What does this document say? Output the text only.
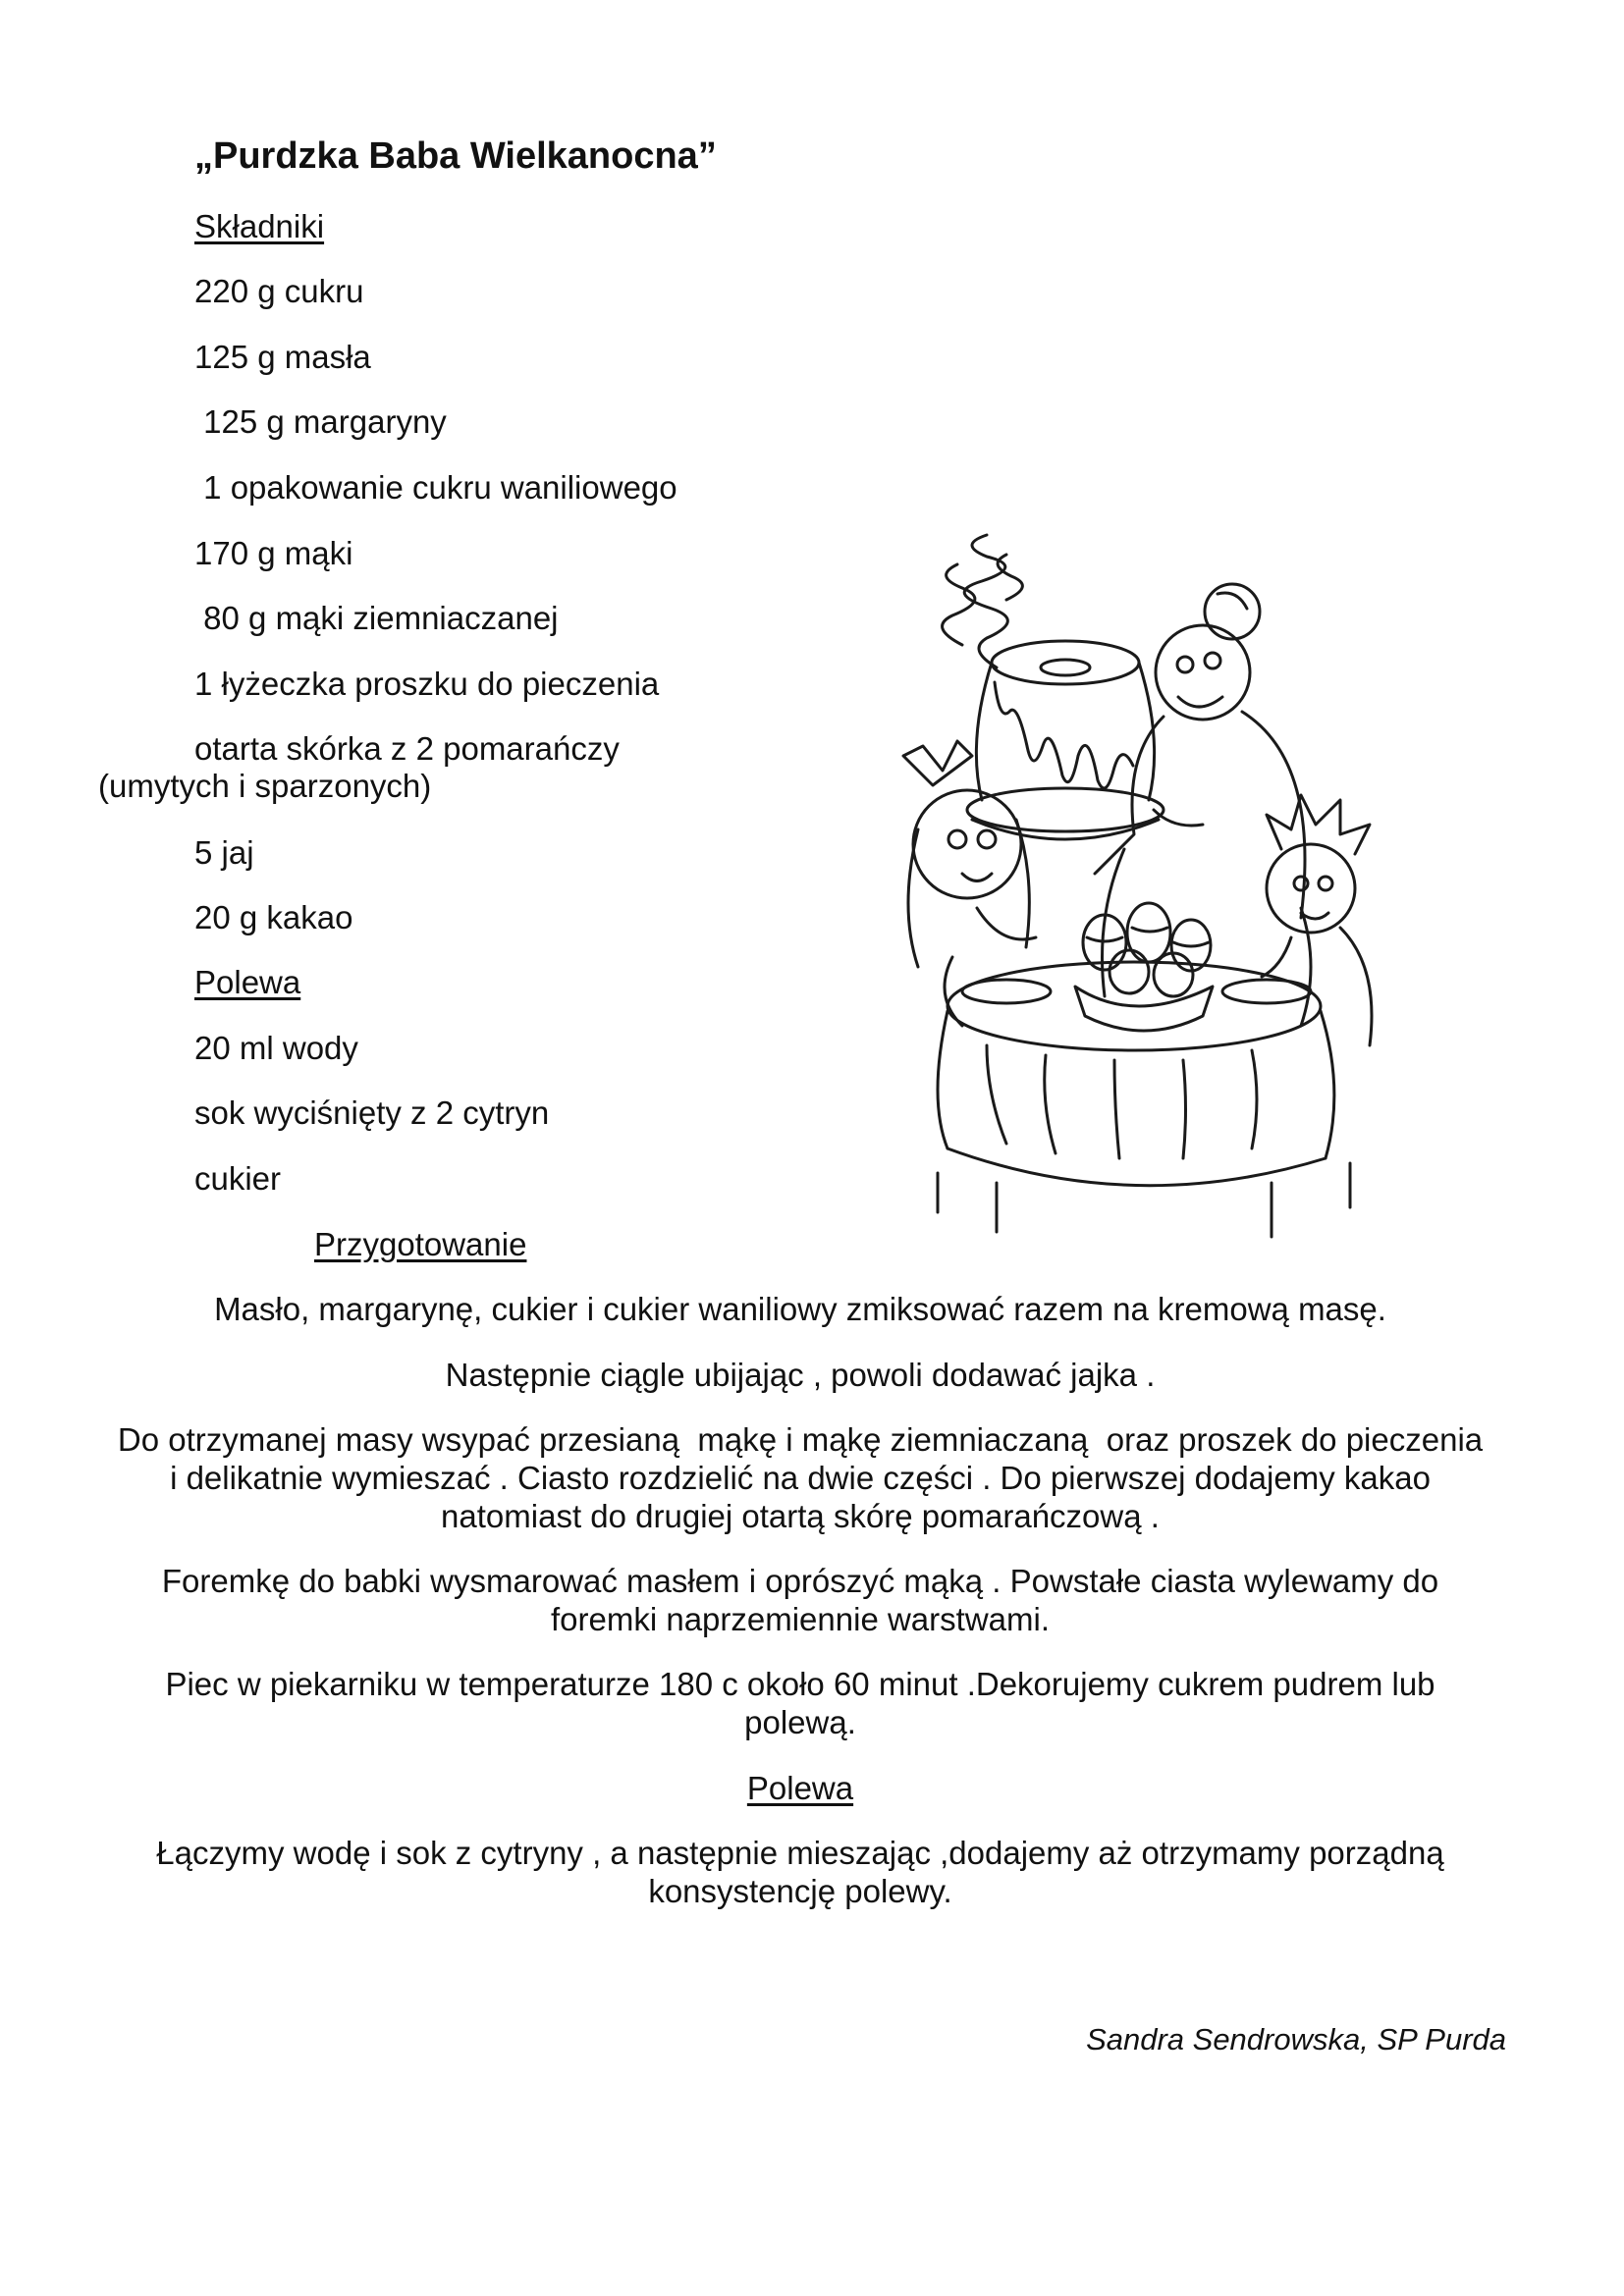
„Purdzka Baba Wielkanocna”
Składniki
220 g cukru
125 g masła
125 g margaryny
1 opakowanie cukru waniliowego
170 g mąki
80 g mąki ziemniaczanej
1 łyżeczka proszku do pieczenia
otarta skórka z 2 pomarańczy
(umytych i sparzonych)
5 jaj
20 g kakao
Polewa
20 ml wody
sok wyciśnięty z 2 cytryn
cukier
Przygotowanie
Masło, margarynę, cukier i cukier waniliowy zmiksować razem na kremową masę.
Następnie ciągle ubijając , powoli dodawać jajka .
Do otrzymanej masy wsypać przesianą  mąkę i mąkę ziemniaczaną  oraz proszek do pieczenia
i delikatnie wymieszać . Ciasto rozdzielić na dwie części . Do pierwszej dodajemy kakao
natomiast do drugiej otartą skórę pomarańczową .
Foremkę do babki wysmarować masłem i oprószyć mąką . Powstałe ciasta wylewamy do
foremki naprzemiennie warstwami.
Piec w piekarniku w temperaturze 180 c około 60 minut .Dekorujemy cukrem pudrem lub
polewą.
Polewa
Łączymy wodę i sok z cytryny , a następnie mieszając ,dodajemy aż otrzymamy porządną
konsystencję polewy.
Sandra Sendrowska, SP Purda
